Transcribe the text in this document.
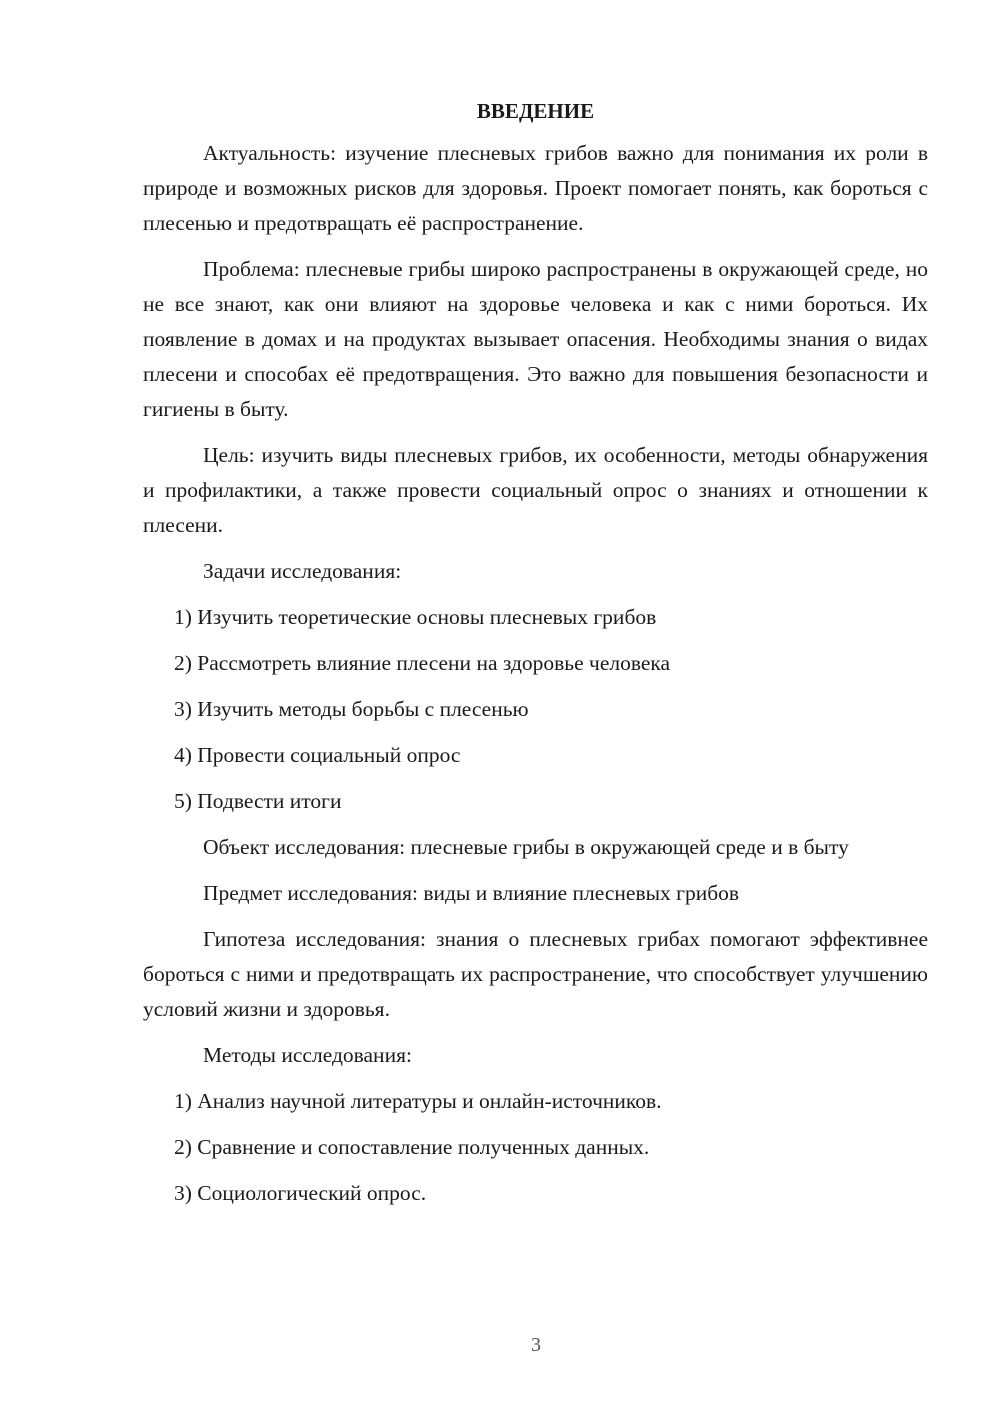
ВВЕДЕНИЕ

Актуальность: изучение плесневых грибов важно для понимания их роли в природе и возможных рисков для здоровья. Проект помогает понять, как бороться с плесенью и предотвращать её распространение.

Проблема: плесневые грибы широко распространены в окружающей среде, но не все знают, как они влияют на здоровье человека и как с ними бороться. Их появление в домах и на продуктах вызывает опасения. Необходимы знания о видах плесени и способах её предотвращения. Это важно для повышения безопасности и гигиены в быту.

Цель: изучить виды плесневых грибов, их особенности, методы обнаружения и профилактики, а также провести социальный опрос о знаниях и отношении к плесени.

Задачи исследования:

1) Изучить теоретические основы плесневых грибов
2) Рассмотреть влияние плесени на здоровье человека
3) Изучить методы борьбы с плесенью
4) Провести социальный опрос
5) Подвести итоги

Объект исследования: плесневые грибы в окружающей среде и в быту

Предмет исследования: виды и влияние плесневых грибов

Гипотеза исследования: знания о плесневых грибах помогают эффективнее бороться с ними и предотвращать их распространение, что способствует улучшению условий жизни и здоровья.

Методы исследования:

1) Анализ научной литературы и онлайн-источников.
2) Сравнение и сопоставление полученных данных.
3) Социологический опрос.
3
